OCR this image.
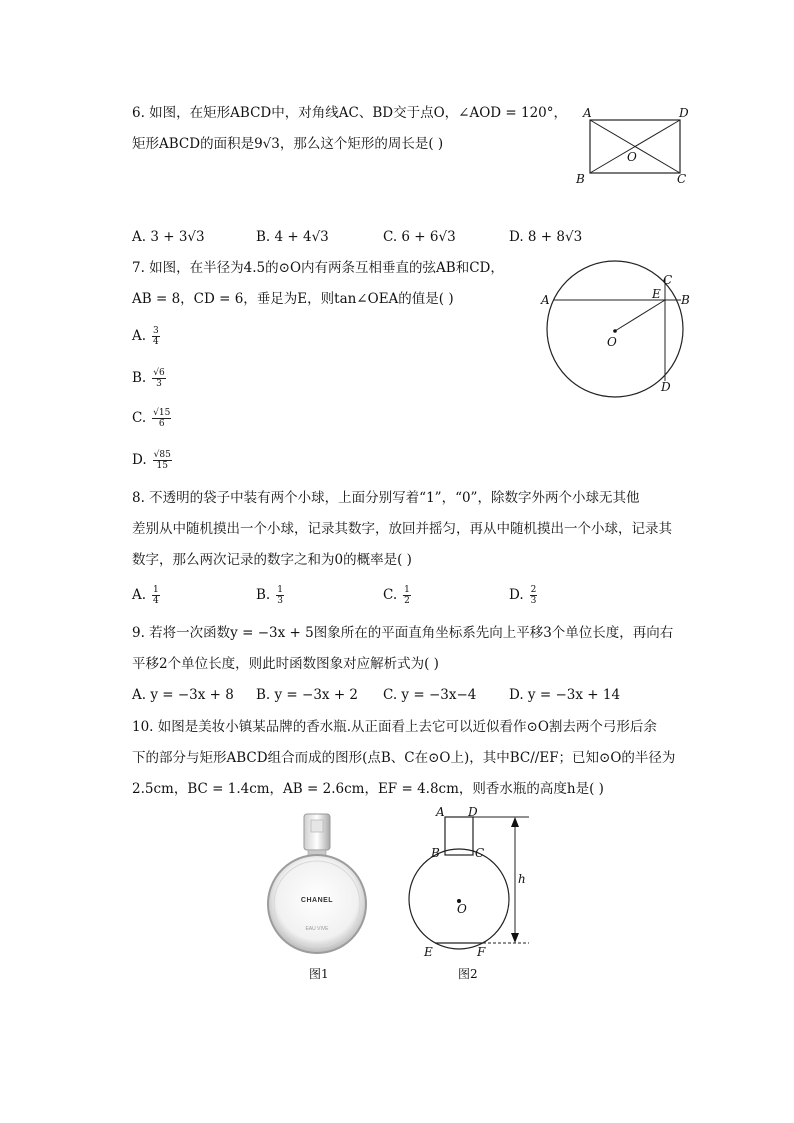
6. 如图，在矩形ABCD中，对角线AC、BD交于点O，∠AOD = 120°，
矩形ABCD的面积是9√3，那么这个矩形的周长是( )
A	D
B	C
O
A. 3 + 3√3	B. 4 + 4√3	C. 6 + 6√3	D. 8 + 8√3
7. 如图，在半径为4.5的⊙O内有两条互相垂直的弦AB和CD，
AB = 8，CD = 6，垂足为E，则tan∠OEA的值是( )	A	B
C
D
E
O
A. $\frac{3}{4}$
B. $\frac{√6}{3}$
C. $\frac{√15}{6}$
D. $\frac{√85}{15}$
8. 不透明的袋子中装有两个小球，上面分别写着“1”，“0”，除数字外两个小球无其他
差别从中随机摸出一个小球，记录其数字，放回并摇匀，再从中随机摸出一个小球，记录其
数字，那么两次记录的数字之和为0的概率是( )
A. $\frac{1}{4}$	B. $\frac{1}{3}$	C. $\frac{1}{2}$	D. $\frac{2}{3}$
9. 若将一次函数y = −3x + 5图象所在的平面直角坐标系先向上平移3个单位长度，再向右
平移2个单位长度，则此时函数图象对应解析式为( )
A. y = −3x + 8 B. y = −3x + 2 C. y = −3x−4 D. y = −3x + 14
10. 如图是美妆小镇某品牌的香水瓶.从正面看上去它可以近似看作⊙O割去两个弓形后余
下的部分与矩形ABCD组合而成的图形(点B、C在⊙O上)，其中BC//EF；已知⊙O的半径为
2.5cm，BC = 1.4cm，AB = 2.6cm，EF = 4.8cm，则香水瓶的高度h是( )
CHANEL
EAU VIVE
图1
A D
B	C
O
E	F
h
图2
